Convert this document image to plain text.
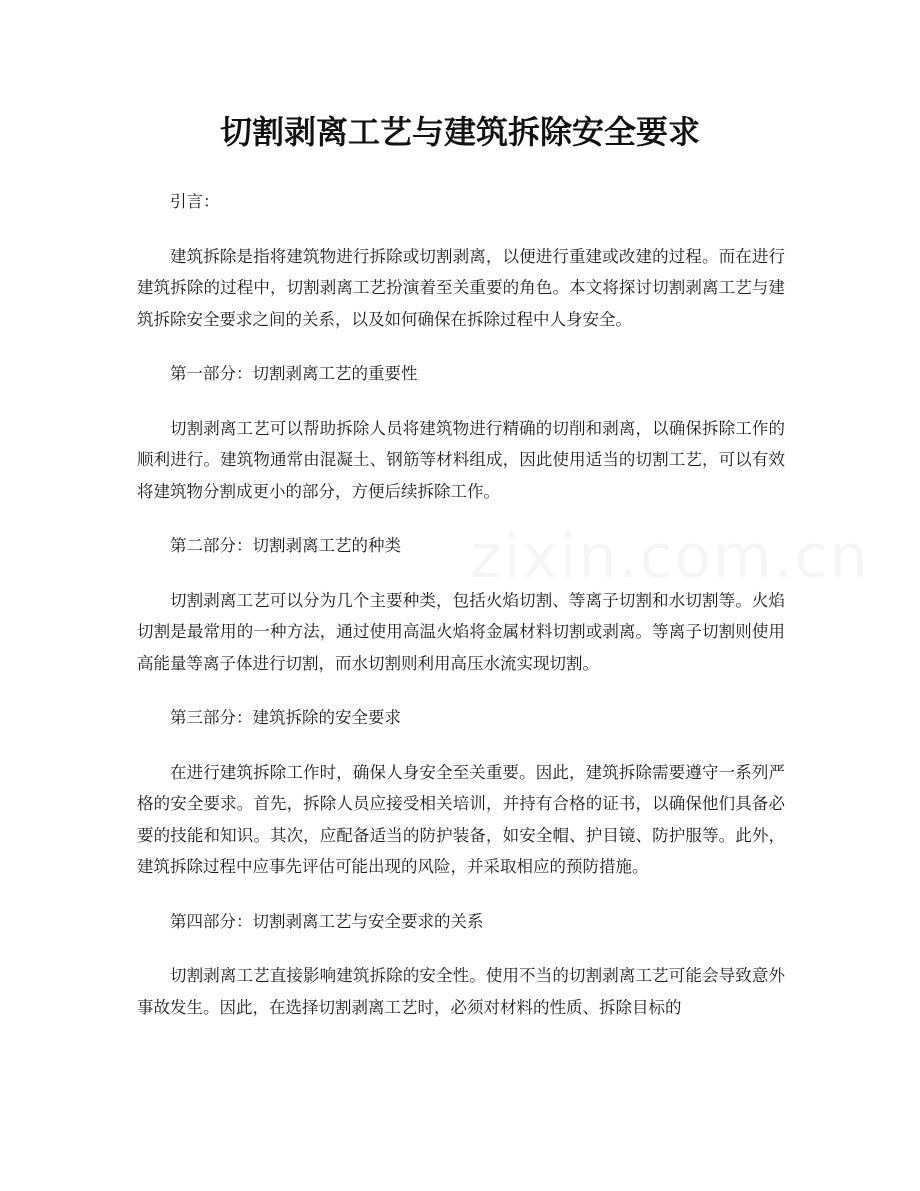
切割剥离工艺与建筑拆除安全要求

引言：

建筑拆除是指将建筑物进行拆除或切割剥离，以便进行重建或改建的过程。而在进行建筑拆除的过程中，切割剥离工艺扮演着至关重要的角色。本文将探讨切割剥离工艺与建筑拆除安全要求之间的关系，以及如何确保在拆除过程中人身安全。

第一部分：切割剥离工艺的重要性

切割剥离工艺可以帮助拆除人员将建筑物进行精确的切削和剥离，以确保拆除工作的顺利进行。建筑物通常由混凝土、钢筋等材料组成，因此使用适当的切割工艺，可以有效将建筑物分割成更小的部分，方便后续拆除工作。

第二部分：切割剥离工艺的种类

切割剥离工艺可以分为几个主要种类，包括火焰切割、等离子切割和水切割等。火焰切割是最常用的一种方法，通过使用高温火焰将金属材料切割或剥离。等离子切割则使用高能量等离子体进行切割，而水切割则利用高压水流实现切割。

第三部分：建筑拆除的安全要求

在进行建筑拆除工作时，确保人身安全至关重要。因此，建筑拆除需要遵守一系列严格的安全要求。首先，拆除人员应接受相关培训，并持有合格的证书，以确保他们具备必要的技能和知识。其次，应配备适当的防护装备，如安全帽、护目镜、防护服等。此外，建筑拆除过程中应事先评估可能出现的风险，并采取相应的预防措施。

第四部分：切割剥离工艺与安全要求的关系

切割剥离工艺直接影响建筑拆除的安全性。使用不当的切割剥离工艺可能会导致意外事故发生。因此，在选择切割剥离工艺时，必须对材料的性质、拆除目标的
